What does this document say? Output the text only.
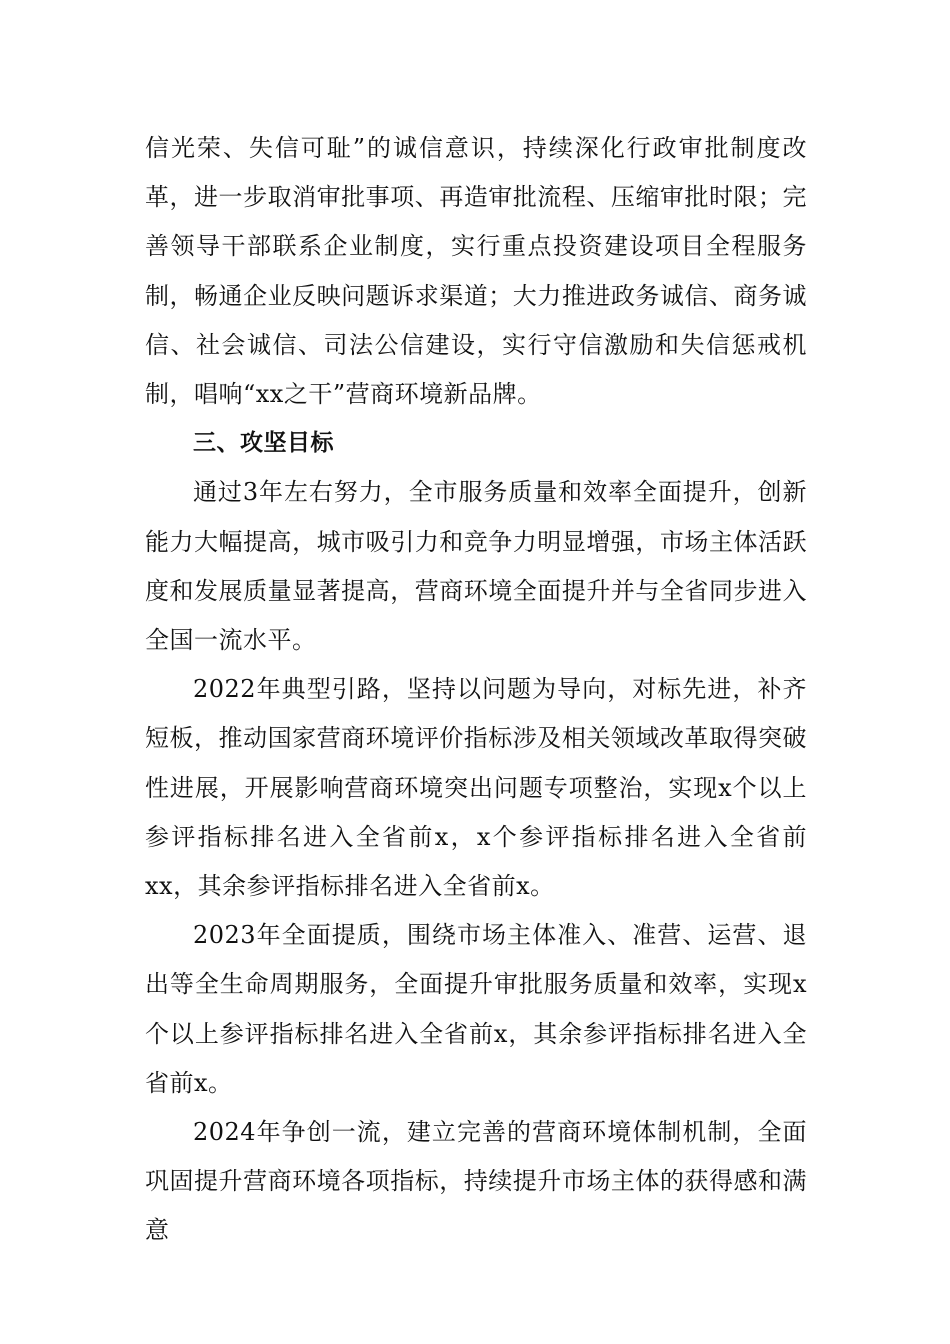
信光荣、失信可耻”的诚信意识，持续深化行政审批制度改革，进一步取消审批事项、再造审批流程、压缩审批时限；完善领导干部联系企业制度，实行重点投资建设项目全程服务制，畅通企业反映问题诉求渠道；大力推进政务诚信、商务诚信、社会诚信、司法公信建设，实行守信激励和失信惩戒机制，唱响“xx之干”营商环境新品牌。

三、攻坚目标

通过3年左右努力，全市服务质量和效率全面提升，创新能力大幅提高，城市吸引力和竞争力明显增强，市场主体活跃度和发展质量显著提高，营商环境全面提升并与全省同步进入全国一流水平。

2022年典型引路，坚持以问题为导向，对标先进，补齐短板，推动国家营商环境评价指标涉及相关领域改革取得突破性进展，开展影响营商环境突出问题专项整治，实现x个以上参评指标排名进入全省前x，x个参评指标排名进入全省前xx，其余参评指标排名进入全省前x。

2023年全面提质，围绕市场主体准入、准营、运营、退出等全生命周期服务，全面提升审批服务质量和效率，实现x个以上参评指标排名进入全省前x，其余参评指标排名进入全省前x。

2024年争创一流，建立完善的营商环境体制机制，全面巩固提升营商环境各项指标，持续提升市场主体的获得感和满意
